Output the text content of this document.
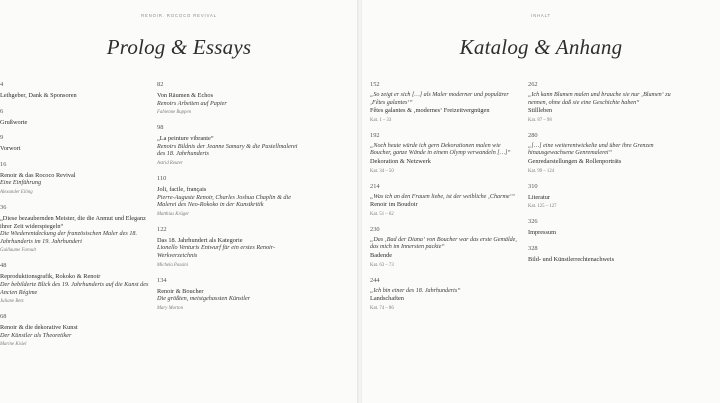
RENOIR. ROCOCO REVIVAL
Prolog & Essays
4
Leihgeber, Dank & Sponsoren
6
Grußworte
9
Vorwort
16
Renoir & das Rococo Revival
Eine Einführung
Alexander Eiling
36
„Diese bezaubernden Meister, die die Anmut und Eleganz ihrer Zeit widerspiegeln“
Die Wiederentdeckung der französischen Maler des 18. Jahrhunderts im 19. Jahrhundert
Guillaume Faroult
48
Reproduktionsgrafik, Rokoko & Renoir
Der bebilderte Blick des 19. Jahrhunderts auf die Kunst des Ancien Régime
Juliane Betz
68
Renoir & die dekorative Kunst
Der Künstler als Theoretiker
Marine Kisiel
82
Von Räumen & Echos
Renoirs Arbeiten auf Papier
Fabienne Ruppen
98
„La peinture vibrante“
Renoirs Bildnis der Jeanne Samary & die Pastellmalerei des 18. Jahrhunderts
Astrid Reuter
110
Joli, facile, français
Pierre-Auguste Renoir, Charles Joshua Chaplin & die Malerei des Neo-Rokoko in der Kunstkritik
Matthias Krüger
122
Das 18. Jahrhundert als Kategorie
Lionello Venturis Entwurf für ein erstes Renoir-Werkverzeichnis
Michela Passini
134
Renoir & Boucher
Die größten, meistgehassten Künstler
Mary Morton
INHALT
Katalog & Anhang
152
„So zeigt er sich […] als Maler moderner und populärer ‚Fêtes galantes‘“
Fêtes galantes & ‚modernes‘ Freizeitvergnügen
Kat. 1 – 33
192
„Noch heute würde ich gern Dekorationen malen wie Boucher, ganze Wände in einem Olymp verwandeln […]“
Dekoration & Netzwerk
Kat. 34 – 50
214
„Was ich an den Frauen liebe, ist der weibliche ‚Charme‘“
Renoir im Boudoir
Kat. 51 – 62
230
„Das ‚Bad der Diana‘ von Boucher war das erste Gemälde, das mich im Innersten packte“
Badende
Kat. 63 – 73
244
„Ich bin einer des 18. Jahrhunderts“
Landschaften
Kat. 74 – 86
262
„Ich kann Blumen malen und brauche sie nur ‚Blumen‘ zu nennen, ohne daß sie eine Geschichte haben“
Stillleben
Kat. 87 – 98
280
„[…] eine weiterentwickelte und über ihre Grenzen hinausgewachsene Genremalerei“
Genredarstellungen & Rollenporträts
Kat. 99 – 124
310
Literatur
Kat. 125 – 127
326
Impressum
328
Bild- und Künstlerrechtenachweis
